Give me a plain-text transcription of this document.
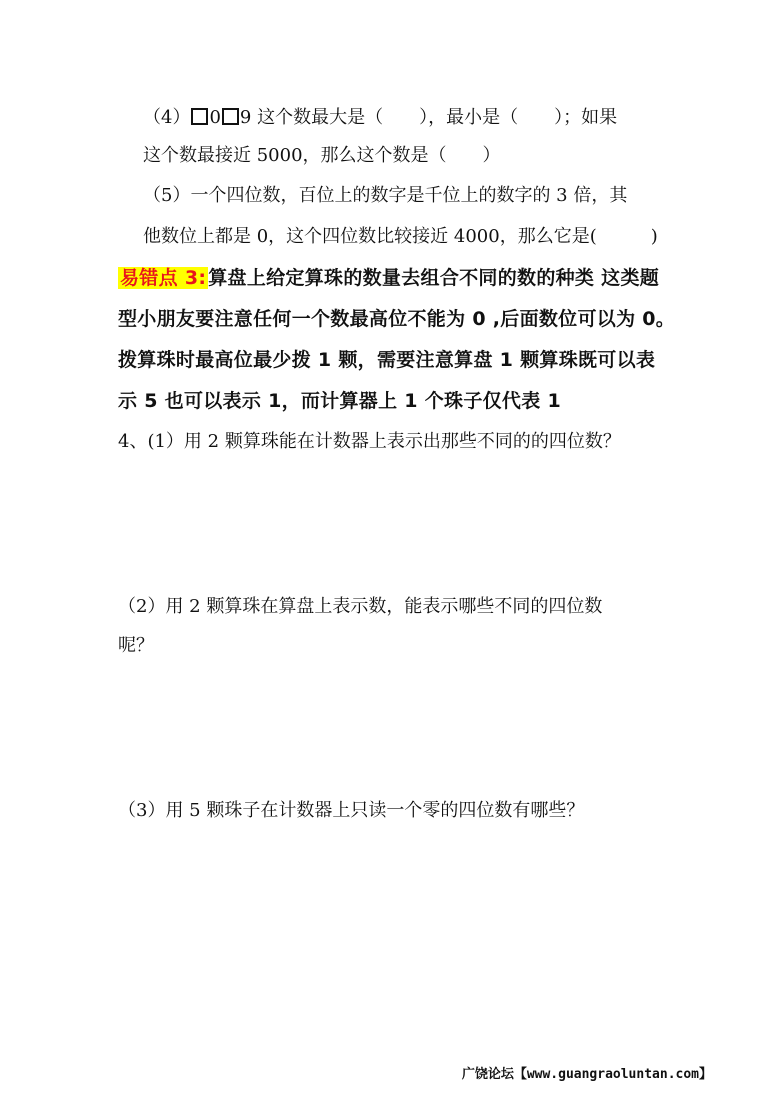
（4） 0 9 这个数最大是（　　），最小是（　　）；如果
这个数最接近 5000，那么这个数是（　　）
（5）一个四位数，百位上的数字是千位上的数字的 3 倍，其
他数位上都是 0，这个四位数比较接近 4000，那么它是(　　　)
易错点 3: 算盘上给定算珠的数量去组合不同的数的种类 这类题
型小朋友要注意任何一个数最高位不能为 0 ,后面数位可以为 0。
拨算珠时最高位最少拨 1 颗，需要注意算盘 1 颗算珠既可以表
示 5 也可以表示 1，而计算器上 1 个珠子仅代表 1
4、(1）用 2 颗算珠能在计数器上表示出那些不同的的四位数？
（2）用 2 颗算珠在算盘上表示数，能表示哪些不同的四位数
呢？
（3）用 5 颗珠子在计数器上只读一个零的四位数有哪些？
广饶论坛【www.guangraoluntan.com】
